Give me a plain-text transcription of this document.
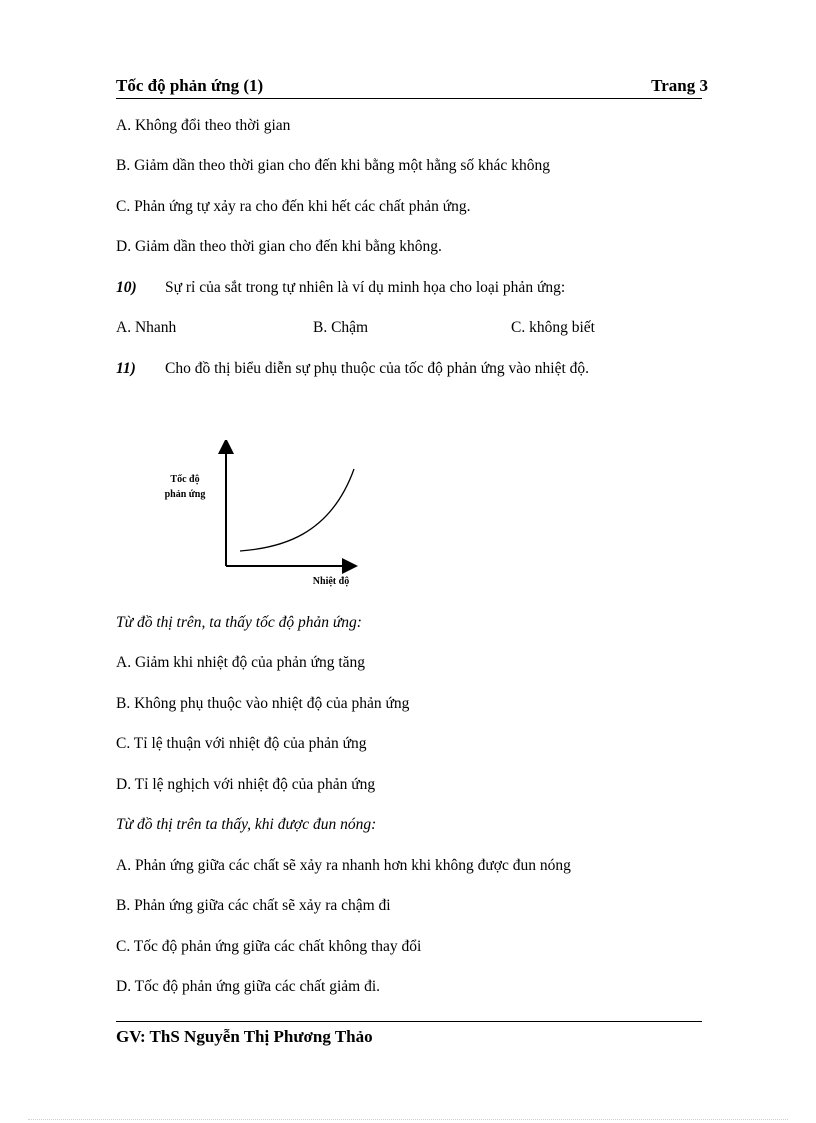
Tốc độ phản ứng (1)	Trang 3
A. Không đổi theo thời gian
B. Giảm dần theo thời gian cho đến khi bằng một hằng số khác không
C. Phản ứng tự xảy ra cho đến khi hết các chất phản ứng.
D. Giảm dần theo thời gian cho đến khi bằng không.
10) Sự rỉ của sắt trong tự nhiên là ví dụ minh họa cho loại phản ứng:
A. Nhanh	B. Chậm	C. không biết
11) Cho đồ thị biểu diễn sự phụ thuộc của tốc độ phản ứng vào nhiệt độ.
Tốc độ
phản ứng
Nhiệt độ
Từ đồ thị trên, ta thấy tốc độ phản ứng:
A. Giảm khi nhiệt độ của phản ứng tăng
B. Không phụ thuộc vào nhiệt độ của phản ứng
C. Tỉ lệ thuận với nhiệt độ của phản ứng
D. Tỉ lệ nghịch với nhiệt độ của phản ứng
Từ đồ thị trên ta thấy, khi được đun nóng:
A. Phản ứng giữa các chất sẽ xảy ra nhanh hơn khi không được đun nóng
B. Phản ứng giữa các chất sẽ xảy ra chậm đi
C. Tốc độ phản ứng giữa các chất không thay đổi
D. Tốc độ phản ứng giữa các chất giảm đi.
GV: ThS Nguyễn Thị Phương Thảo
